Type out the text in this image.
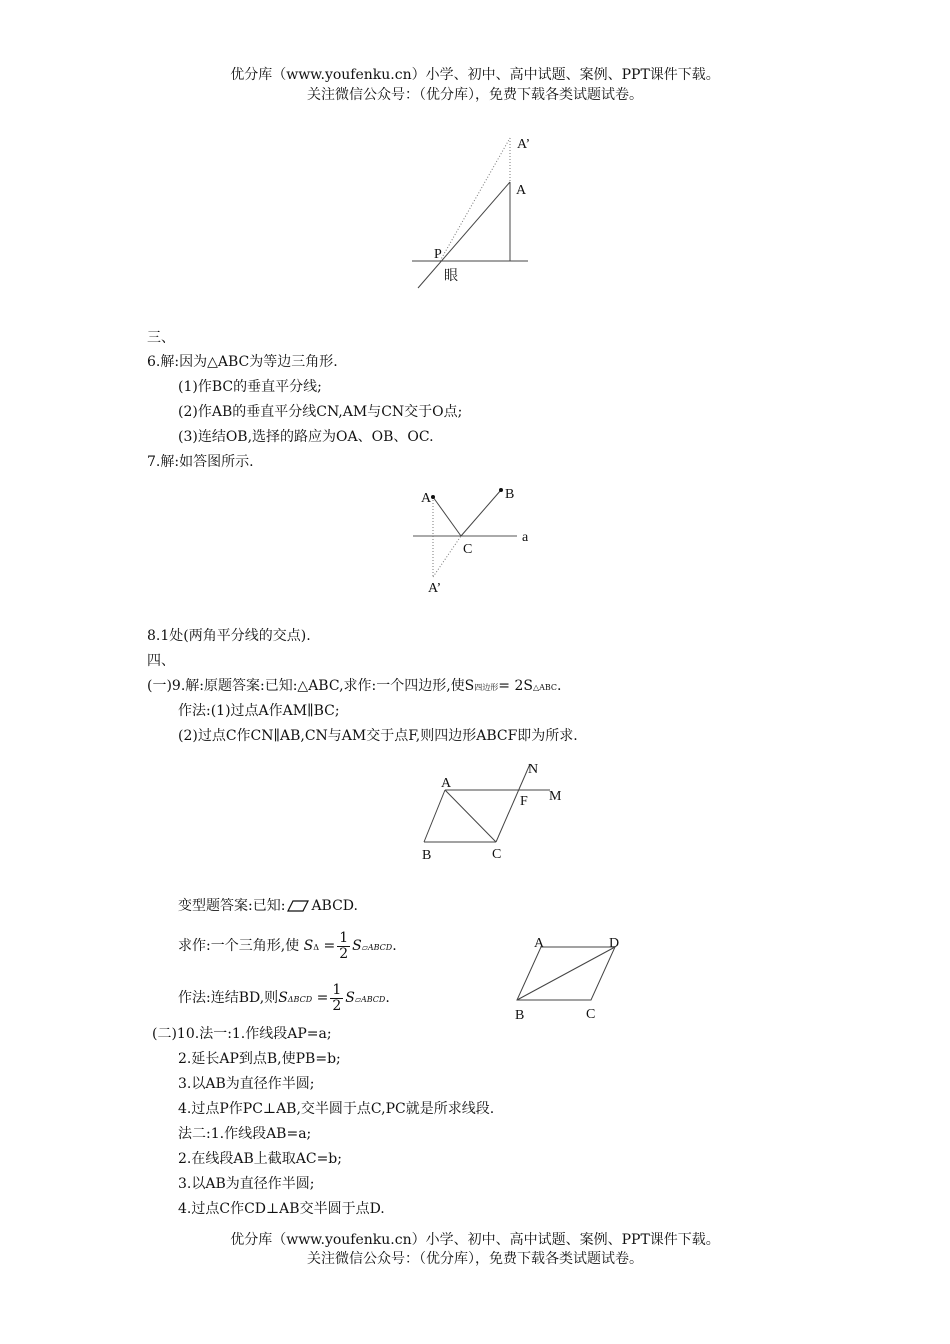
优分库（www.youfenku.cn）小学、初中、高中试题、案例、PPT课件下载。
关注微信公众号：（优分库），免费下载各类试题试卷。
A’
A
P
眼
三、
6.解:因为△ABC为等边三角形.
(1)作BC的垂直平分线;
(2)作AB的垂直平分线CN,AM与CN交于O点;
(3)连结OB,选择的路应为OA、OB、OC.
7.解:如答图所示.
A	B
C
a
A’
8.1处(两角平分线的交点).
四、
(一)9.解:原题答案:已知:△ABC,求作:一个四边形,使S四边形= 2S△ABC.
作法:(1)过点A作AM∥BC;
(2)过点C作CN∥AB,CN与AM交于点F,则四边形ABCF即为所求.
A
N
F M
B	C
变型题答案:已知: ABCD.
求作:一个三角形,使 $S\Delta = \frac{1}{2}$ S▱ABCD.
作法:连结BD,则$S\Delta BCD = \frac{1}{2}$ S▱ABCD.
A	D
B	C
(二)10.法一:1.作线段AP=a;
2.延长AP到点B,使PB=b;
3.以AB为直径作半圆;
4.过点P作PC⊥AB,交半圆于点C,PC就是所求线段.
法二:1.作线段AB=a;
2.在线段AB上截取AC=b;
3.以AB为直径作半圆;
4.过点C作CD⊥AB交半圆于点D.
优分库（www.youfenku.cn）小学、初中、高中试题、案例、PPT课件下载。
关注微信公众号：（优分库），免费下载各类试题试卷。
